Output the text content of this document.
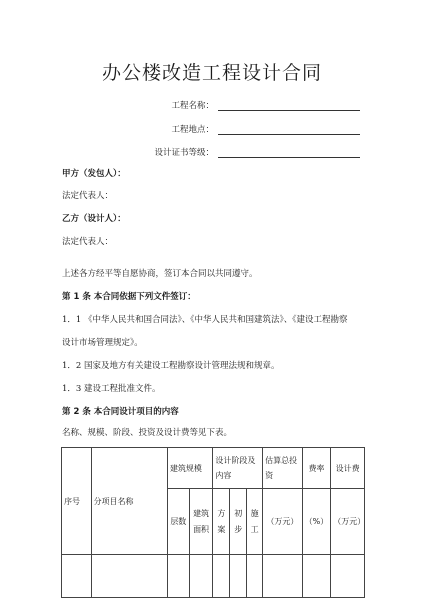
办公楼改造工程设计合同
工程名称：
工程地点：
设计证书等级：
甲方（发包人）：
法定代表人：
乙方（设计人）：
法定代表人：
上述各方经平等自愿协商，签订本合同以共同遵守。
第 1 条 本合同依据下列文件签订：
1．1 《中华人民共和国合同法》、《中华人民共和国建筑法》、《建设工程勘察
设计市场管理规定》。
1．2 国家及地方有关建设工程勘察设计管理法规和规章。
1．3 建设工程批准文件。
第 2 条 本合同设计项目的内容
名称、规模、阶段、投资及设计费等见下表。
序号	分项目名称	建筑规模		设计阶段及内容			估算总投资	费率	设计费
		层数	建筑面积	方案	初步	施工	（万元）	（%）	（万元）
